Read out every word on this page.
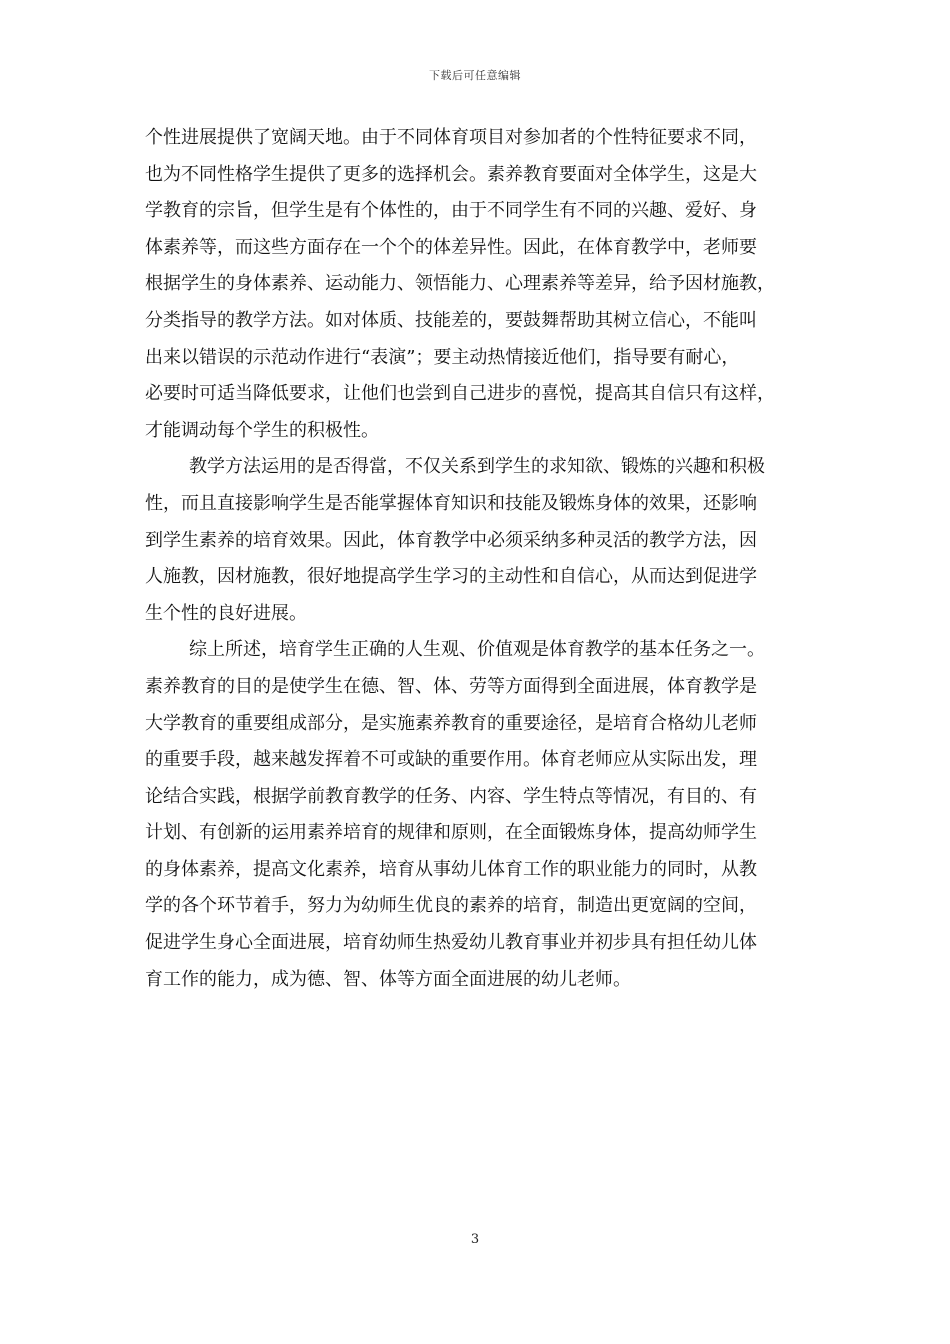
下载后可任意编辑
个性进展提供了宽阔天地。由于不同体育项目对参加者的个性特征要求不同，
也为不同性格学生提供了更多的选择机会。素养教育要面对全体学生，这是大
学教育的宗旨，但学生是有个体性的，由于不同学生有不同的兴趣、爱好、身
体素养等，而这些方面存在一个个的体差异性。因此，在体育教学中，老师要
根据学生的身体素养、运动能力、领悟能力、心理素养等差异，给予因材施教，
分类指导的教学方法。如对体质、技能差的，要鼓舞帮助其树立信心，不能叫
出来以错误的示范动作进行“表演”；要主动热情接近他们，指导要有耐心，
必要时可适当降低要求，让他们也尝到自己进步的喜悦，提高其自信只有这样，
才能调动每个学生的积极性。
教学方法运用的是否得當，不仅关系到学生的求知欲、锻炼的兴趣和积极
性，而且直接影响学生是否能掌握体育知识和技能及锻炼身体的效果，还影响
到学生素养的培育效果。因此，体育教学中必须采纳多种灵活的教学方法，因
人施教，因材施教，很好地提高学生学习的主动性和自信心，从而达到促进学
生个性的良好进展。
综上所述，培育学生正确的人生观、价值观是体育教学的基本任务之一。
素养教育的目的是使学生在德、智、体、劳等方面得到全面进展，体育教学是
大学教育的重要组成部分，是实施素养教育的重要途径，是培育合格幼儿老师
的重要手段，越来越发挥着不可或缺的重要作用。体育老师应从实际出发，理
论结合实践，根据学前教育教学的任务、内容、学生特点等情况，有目的、有
计划、有创新的运用素养培育的规律和原则，在全面锻炼身体，提高幼师学生
的身体素养，提高文化素养，培育从事幼儿体育工作的职业能力的同时，从教
学的各个环节着手，努力为幼师生优良的素养的培育，制造出更宽阔的空间，
促进学生身心全面进展，培育幼师生热爱幼儿教育事业并初步具有担任幼儿体
育工作的能力，成为德、智、体等方面全面进展的幼儿老师。
3
